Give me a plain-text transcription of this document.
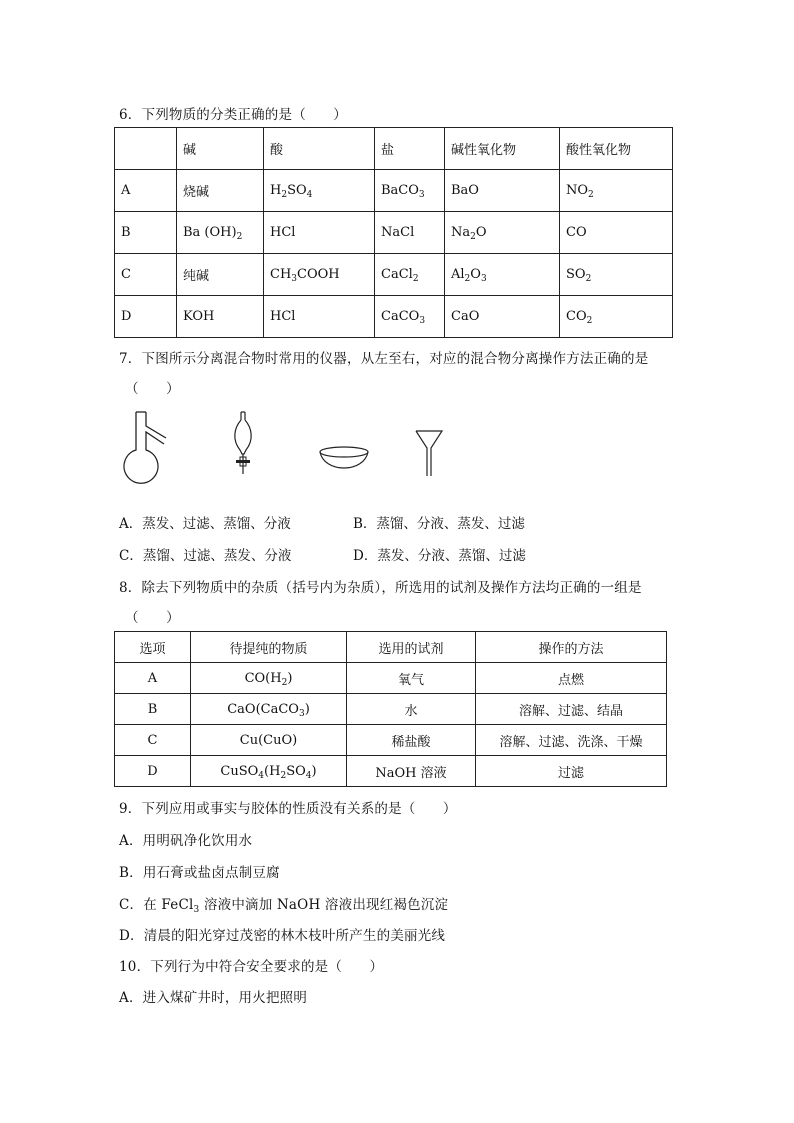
6．下列物质的分类正确的是（　　）
	碱	酸	盐	碱性氧化物	酸性氧化物
A	烧碱	$H_2SO_4$	BaCO$_3$	BaO	$NO_2$
B	Ba $(OH)_2$	HCl	NaCl	$Na_2O$	CO
C	纯碱	$CH_3COOH$	CaCl$_2$	$Al_2O_3$	$SO_2$
D	KOH	HCl	CaCO$_3$	CaO	$CO_2$
7．下图所示分离混合物时常用的仪器，从左至右，对应的混合物分离操作方法正确的是
（　　）
A．蒸发、过滤、蒸馏、分液	B．蒸馏、分液、蒸发、过滤
C．蒸馏、过滤、蒸发、分液	D．蒸发、分液、蒸馏、过滤
8．除去下列物质中的杂质（括号内为杂质），所选用的试剂及操作方法均正确的一组是
（　　）
选项	待提纯的物质	选用的试剂	操作的方法
A	$CO(H_2)$	氧气	点燃
B	CaO(CaCO$_3$)	水	溶解、过滤、结晶
C	Cu(CuO)	稀盐酸	溶解、过滤、洗涤、干燥
D	$CuSO_4(H_2SO_4)$	NaOH 溶液	过滤
9．下列应用或事实与胶体的性质没有关系的是（　　）
A．用明矾净化饮用水
B．用石膏或盐卤点制豆腐
C．在 FeCl$_3$ 溶液中滴加 NaOH 溶液出现红褐色沉淀
D．清晨的阳光穿过茂密的林木枝叶所产生的美丽光线
10．下列行为中符合安全要求的是（　　）
A．进入煤矿井时，用火把照明
